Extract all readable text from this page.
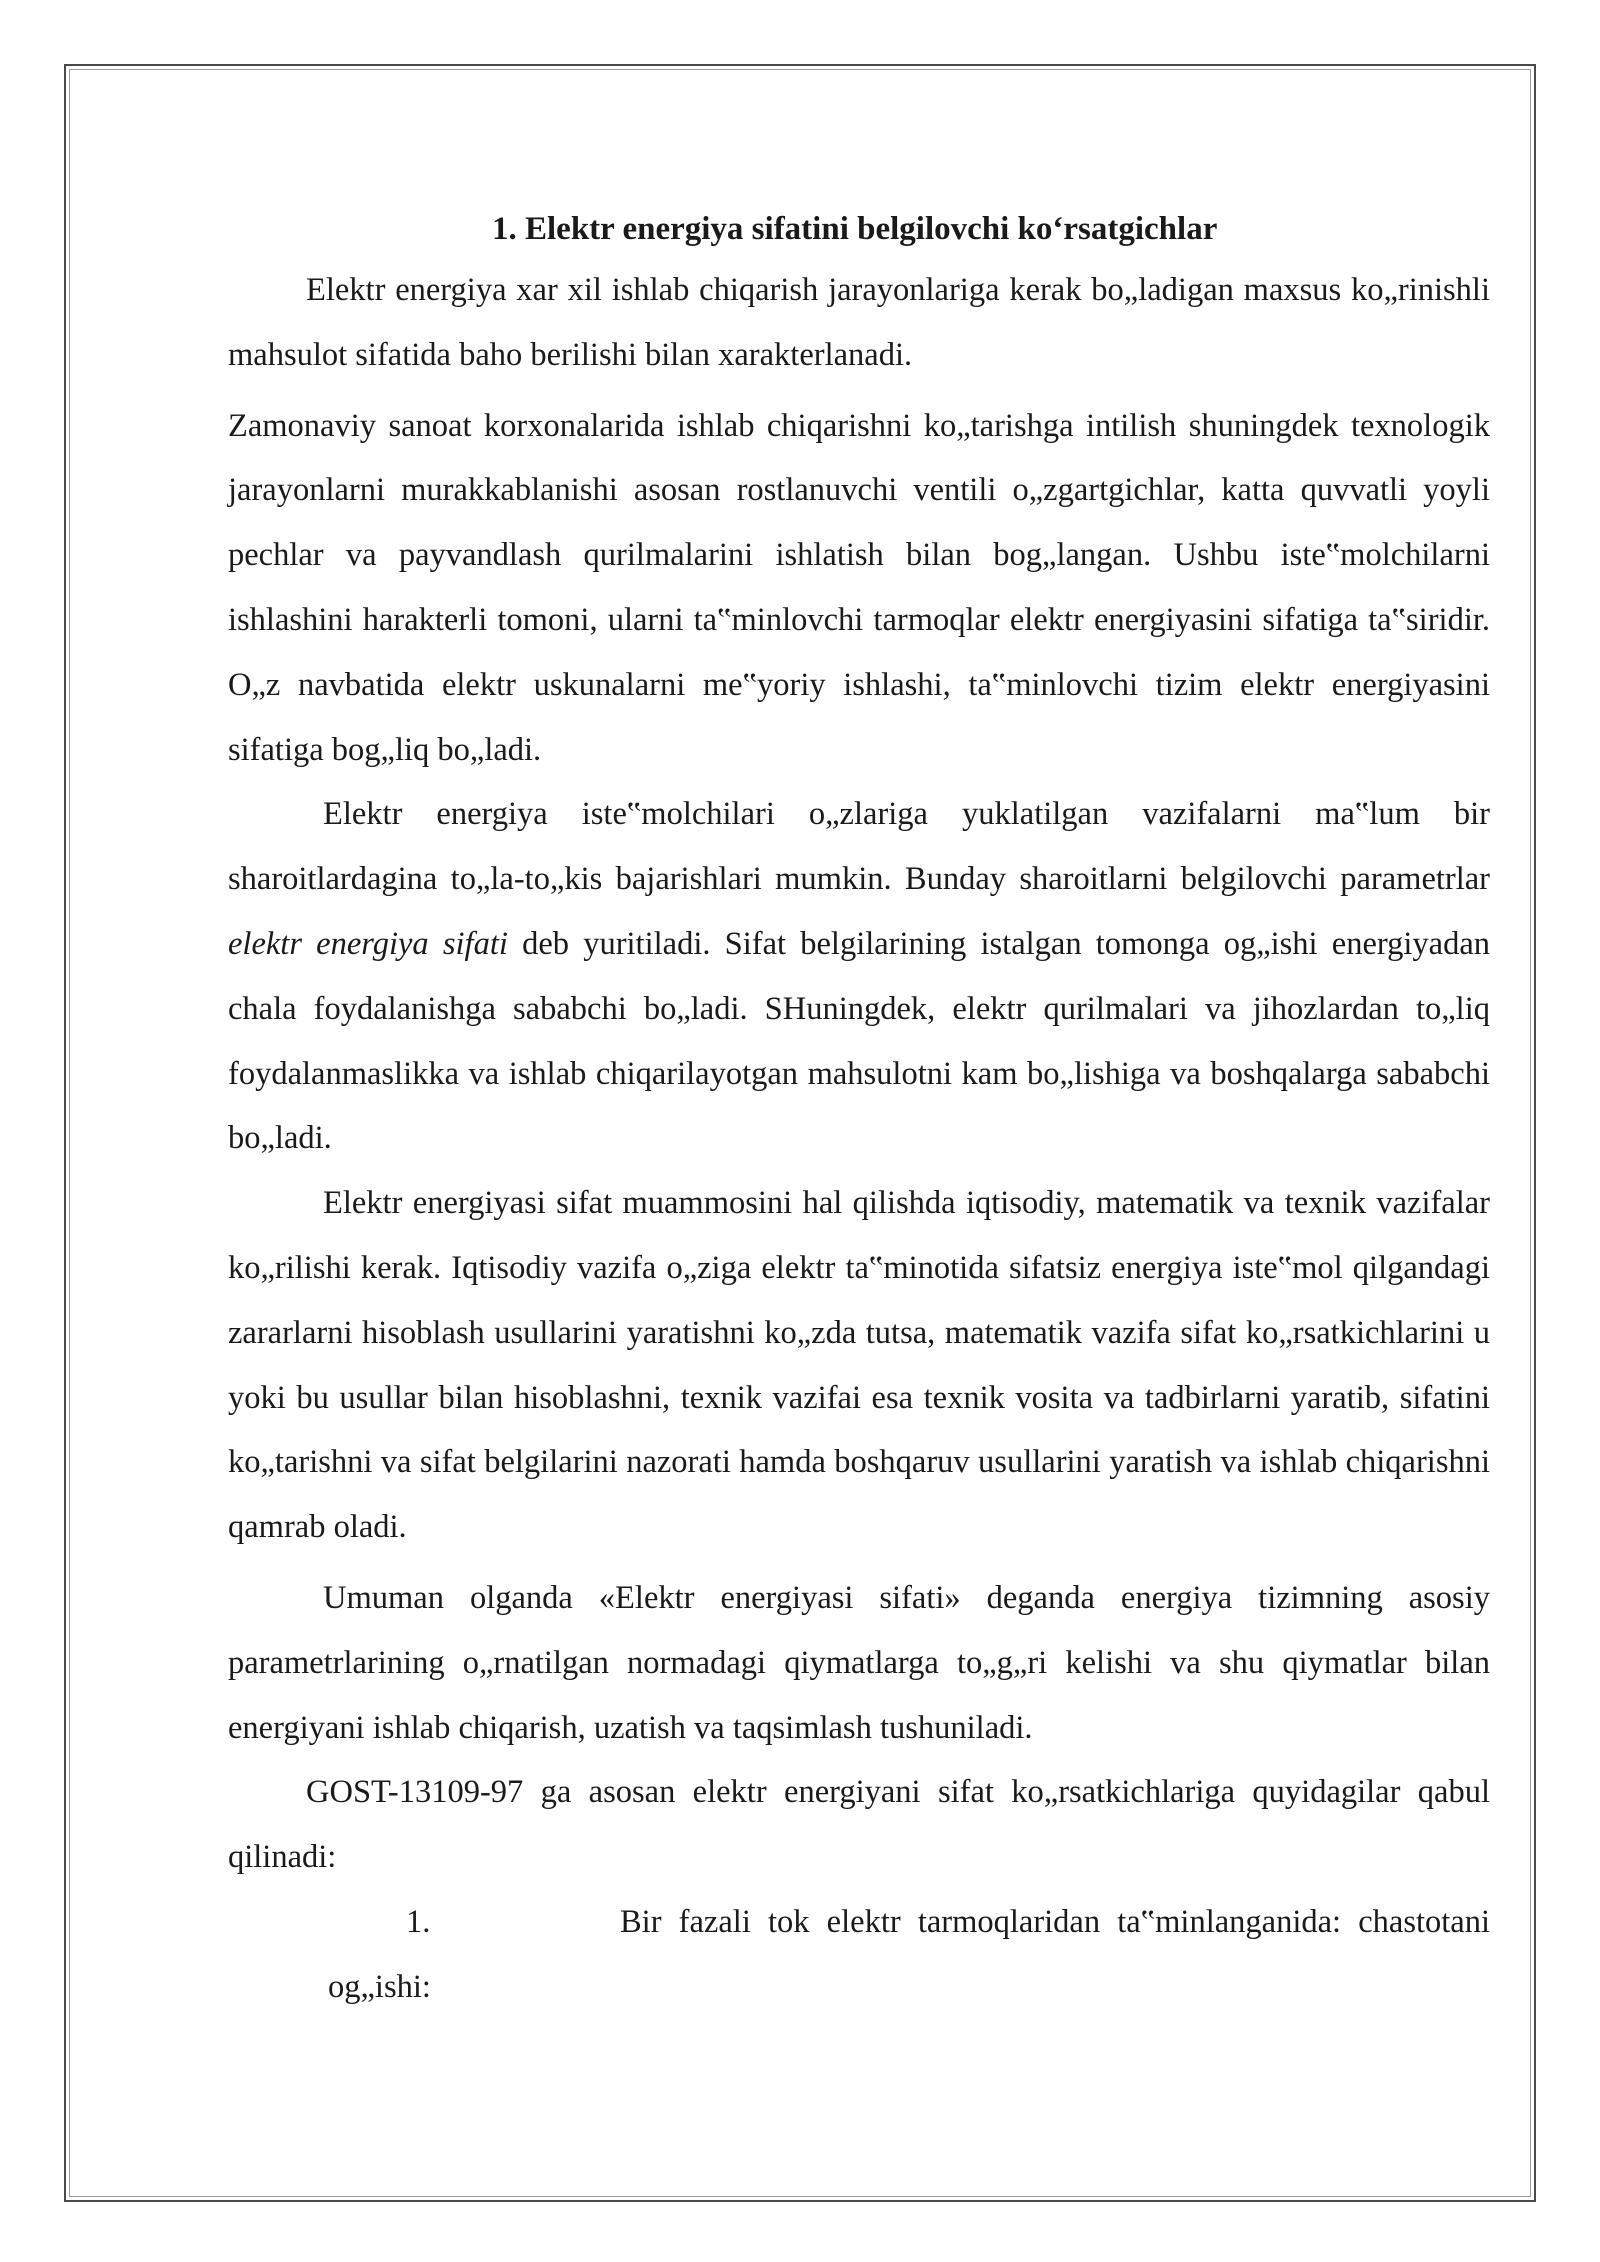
1. Elektr energiya sifatini belgilovchi ko‘rsatgichlar

Elektr energiya xar xil ishlab chiqarish jarayonlariga kerak bo„ladigan maxsus ko„rinishli mahsulot sifatida baho berilishi bilan xarakterlanadi.

Zamonaviy sanoat korxonalarida ishlab chiqarishni ko„tarishga intilish shuningdek texnologik jarayonlarni murakkablanishi asosan rostlanuvchi ventili o„zgartgichlar, katta quvvatli yoyli pechlar va payvandlash qurilmalarini ishlatish bilan bog„langan. Ushbu iste‟molchilarni ishlashini harakterli tomoni, ularni ta‟minlovchi tarmoqlar elektr energiyasini sifatiga ta‟siridir. O„z navbatida elektr uskunalarni me‟yoriy ishlashi, ta‟minlovchi tizim elektr energiyasini sifatiga bog„liq bo„ladi.

Elektr energiya iste‟molchilari o„zlariga yuklatilgan vazifalarni ma‟lum bir sharoitlardagina to„la-to„kis bajarishlari mumkin. Bunday sharoitlarni belgilovchi parametrlar elektr energiya sifati deb yuritiladi. Sifat belgilarining istalgan tomonga og„ishi energiyadan chala foydalanishga sababchi bo„ladi. SHuningdek, elektr qurilmalari va jihozlardan to„liq foydalanmaslikka va ishlab chiqarilayotgan mahsulotni kam bo„lishiga va boshqalarga sababchi bo„ladi.

Elektr energiyasi sifat muammosini hal qilishda iqtisodiy, matematik va texnik vazifalar ko„rilishi kerak. Iqtisodiy vazifa o„ziga elektr ta‟minotida sifatsiz energiya iste‟mol qilgandagi zararlarni hisoblash usullarini yaratishni ko„zda tutsa, matematik vazifa sifat ko„rsatkichlarini u yoki bu usullar bilan hisoblashni, texnik vazifai esa texnik vosita va tadbirlarni yaratib, sifatini ko„tarishni va sifat belgilarini nazorati hamda boshqaruv usullarini yaratish va ishlab chiqarishni qamrab oladi.

Umuman olganda «Elektr energiyasi sifati» deganda energiya tizimning asosiy parametrlarining o„rnatilgan normadagi qiymatlarga to„g„ri kelishi va shu qiymatlar bilan energiyani ishlab chiqarish, uzatish va taqsimlash tushuniladi.

GOST-13109-97 ga asosan elektr energiyani sifat ko„rsatkichlariga quyidagilar qabul qilinadi:

1.	Bir fazali tok elektr tarmoqlaridan ta‟minlanganida: chastotani og„ishi:
